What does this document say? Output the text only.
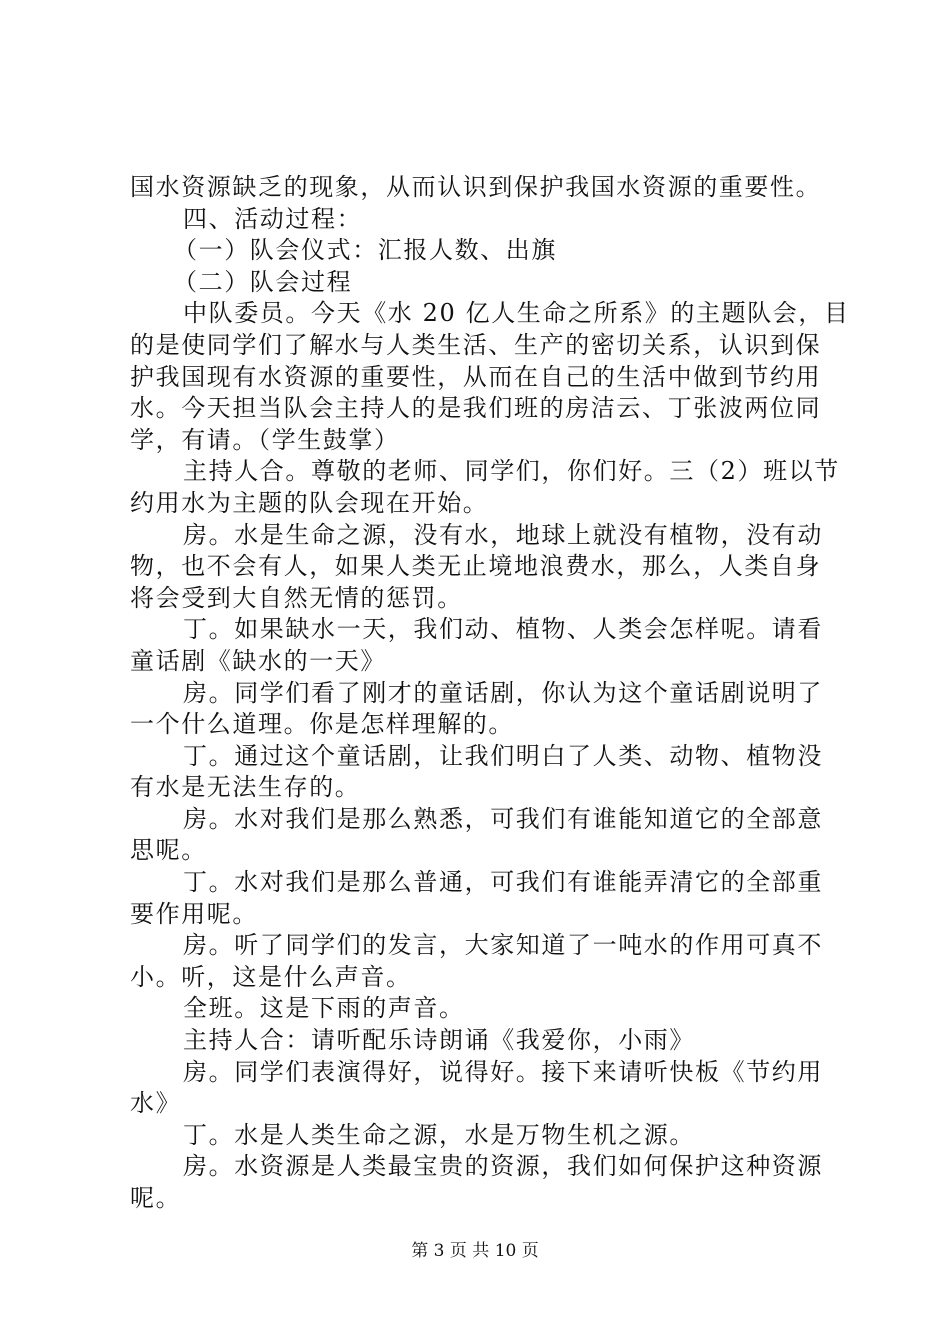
国水资源缺乏的现象，从而认识到保护我国水资源的重要性。
四、活动过程：
（一）队会仪式：汇报人数、出旗
（二）队会过程
中队委员。今天《水 20 亿人生命之所系》的主题队会，目
的是使同学们了解水与人类生活、生产的密切关系，认识到保
护我国现有水资源的重要性，从而在自己的生活中做到节约用
水。今天担当队会主持人的是我们班的房洁云、丁张波两位同
学，有请。（学生鼓掌）
主持人合。尊敬的老师、同学们，你们好。三（2）班以节
约用水为主题的队会现在开始。
房。水是生命之源，没有水，地球上就没有植物，没有动
物，也不会有人，如果人类无止境地浪费水，那么，人类自身
将会受到大自然无情的惩罚。
丁。如果缺水一天，我们动、植物、人类会怎样呢。请看
童话剧《缺水的一天》
房。同学们看了刚才的童话剧，你认为这个童话剧说明了
一个什么道理。你是怎样理解的。
丁。通过这个童话剧，让我们明白了人类、动物、植物没
有水是无法生存的。
房。水对我们是那么熟悉，可我们有谁能知道它的全部意
思呢。
丁。水对我们是那么普通，可我们有谁能弄清它的全部重
要作用呢。
房。听了同学们的发言，大家知道了一吨水的作用可真不
小。听，这是什么声音。
全班。这是下雨的声音。
主持人合：请听配乐诗朗诵《我爱你，小雨》
房。同学们表演得好，说得好。接下来请听快板《节约用
水》
丁。水是人类生命之源，水是万物生机之源。
房。水资源是人类最宝贵的资源，我们如何保护这种资源
呢。
第 3 页 共 10 页
